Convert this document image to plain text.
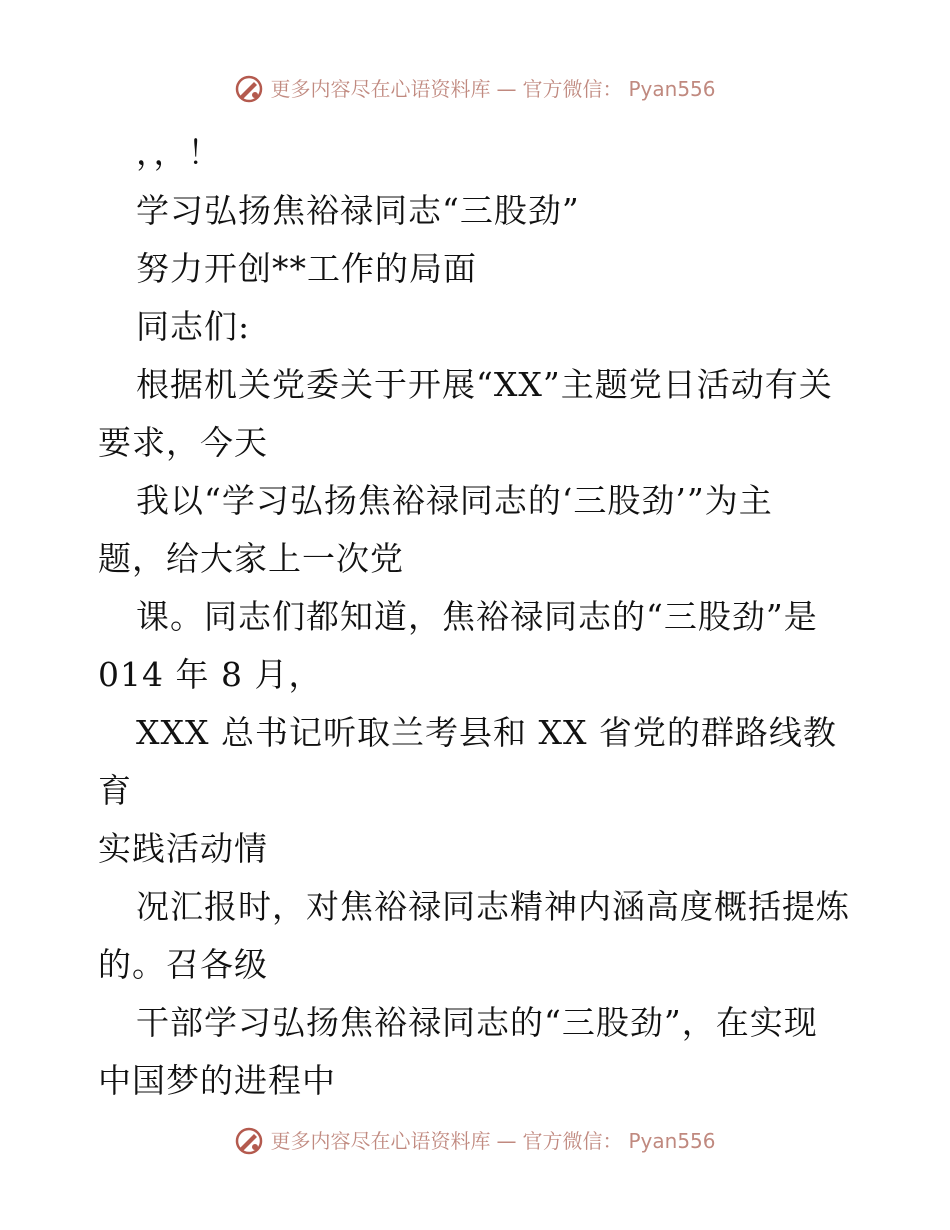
更多内容尽在心语资料库 — 官方微信： Pyan556

，，！

学习弘扬焦裕禄同志“三股劲”

努力开创**工作的局面

同志们:

根据机关党委关于开展“XX”主题党日活动有关

要求，今天

我以“学习弘扬焦裕禄同志的‘三股劲’”为主

题，给大家上一次党

课。同志们都知道，焦裕禄同志的“三股劲”是

014 年 8 月，

XXX 总书记听取兰考县和 XX 省党的群路线教育

实践活动情

况汇报时，对焦裕禄同志精神内涵高度概括提炼

的。召各级

干部学习弘扬焦裕禄同志的“三股劲”，在实现

中国梦的进程中

更多内容尽在心语资料库 — 官方微信： Pyan556
